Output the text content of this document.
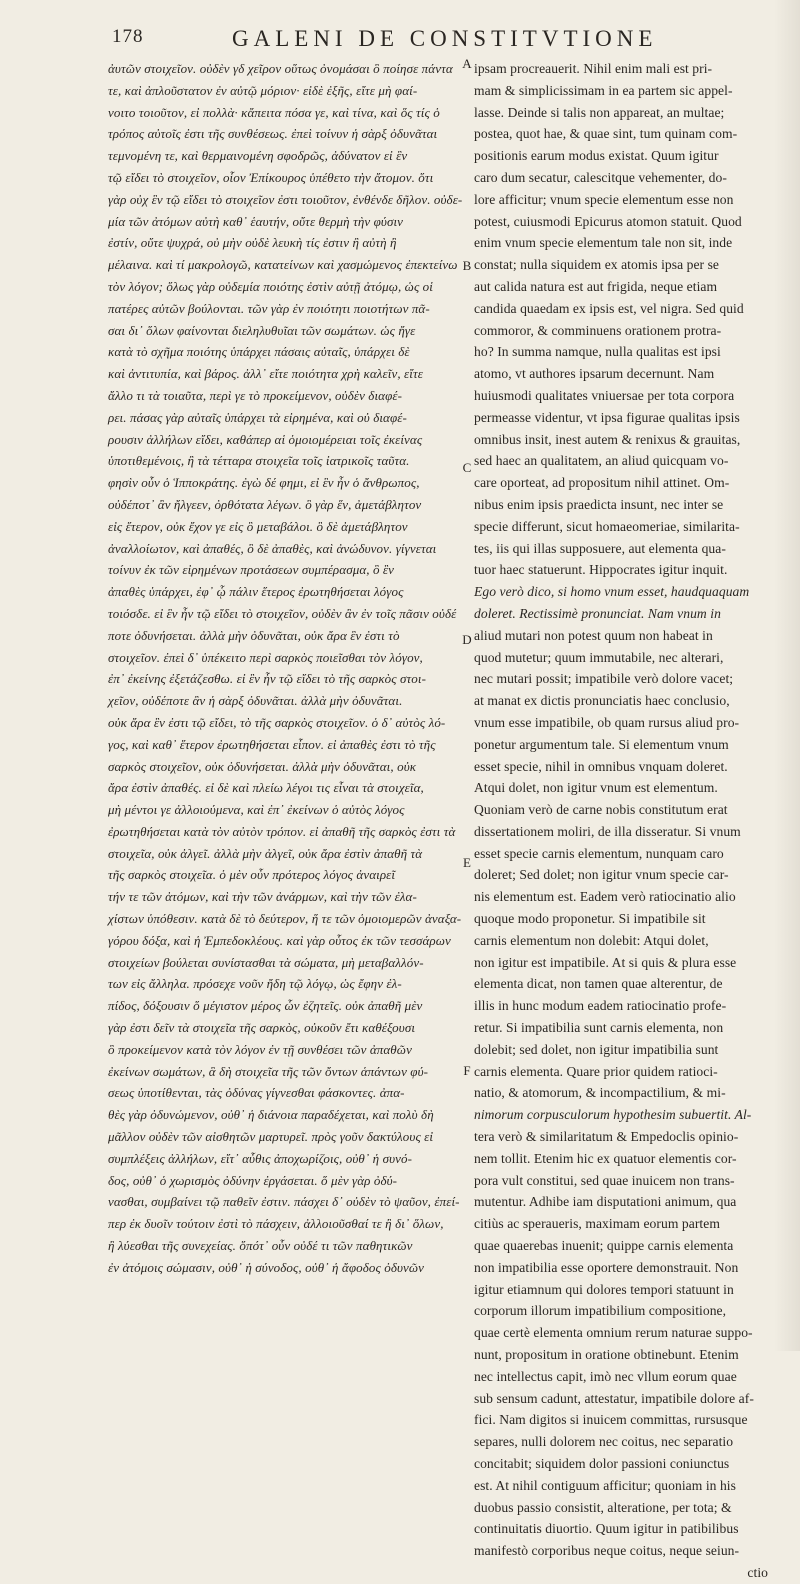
178	GALENI DE CONSTITVTIONE
ἀυτῶν στοιχεῖον. οὐδὲν γδ χεῖρον οὕτως ὀνομάσαι ὃ ποίησε πάντα
τε, καὶ ἀπλοῦστατον ἐν αὐτῷ μόριον· εἰδὲ ἐξῆς, εἴτε μὴ φαί-
νοιτο τοιοῦτον, εἰ πολλὰ· κἄπειτα πόσα γε, καὶ τίνα, καὶ ὅς τίς ὁ
τρόπος αὐτοῖς ἐστι τῆς συνθέσεως. ἐπεὶ τοίνυν ἡ σὰρξ ὀδυνᾶται
τεμνομένη τε, καὶ θερμαινομένη σφοδρῶς, ἀδύνατον εἰ ἓν
τῷ εἴδει τὸ στοιχεῖον, οἷον Ἐπίκουρος ὑπέθετο τὴν ἄτομον. ὅτι
γὰρ οὐχ ἓν τῷ εἴδει τὸ στοιχεῖον ἐστι τοιοῦτον, ἐνθένδε δῆλον. οὐδε-
μία τῶν ἀτόμων αὐτὴ καθ᾽ ἑαυτήν, οὔτε θερμὴ τὴν φύσιν
ἐστίν, οὔτε ψυχρά, οὐ μὴν οὐδὲ λευκὴ τίς ἐστιν ἢ αὐτὴ ἢ
μέλαινα. καὶ τί μακρολογῶ, κατατείνων καὶ χασμώμενος ἐπεκτείνω
τὸν λόγον; ὅλως γὰρ οὐδεμία ποιότης ἐστὶν αὐτῇ ἀτόμῳ, ὡς οἱ
πατέρες αὐτῶν βούλονται. τῶν γὰρ ἐν ποιότητι ποιοτήτων πᾶ-
σαι δι᾽ ὅλων φαίνονται διεληλυθυῖαι τῶν σωμάτων. ὡς ἤγε
κατὰ τὸ σχῆμα ποιότης ὑπάρχει πάσαις αὐταῖς, ὑπάρχει δὲ
καὶ ἀντιτυπία, καὶ βάρος. ἀλλ᾽ εἴτε ποιότητα χρὴ καλεῖν, εἴτε
ἄλλο τι τὰ τοιαῦτα, περὶ γε τὸ προκείμενον, οὐδὲν διαφέ-
ρει. πάσας γὰρ αὐταῖς ὑπάρχει τὰ εἰρημένα, καὶ οὐ διαφέ-
ρουσιν ἀλλήλων εἴδει, καθάπερ αἱ ὁμοιομέρειαι τοῖς ἐκείνας
ὑποτιθεμένοις, ἢ τὰ τέτταρα στοιχεῖα τοῖς ἰατρικοῖς ταῦτα.
φησὶν οὖν ὁ Ἱπποκράτης. ἐγὼ δέ φημι, εἰ ἓν ἦν ὁ ἄνθρωπος,
οὐδέποτ᾽ ἂν ἤλγεεν, ὀρθότατα λέγων. ὃ γὰρ ἕν, ἀμετάβλητον
εἰς ἕτερον, οὐκ ἔχον γε εἰς ὃ μεταβάλοι. ὃ δὲ ἀμετάβλητον
ἀναλλοίωτον, καὶ ἀπαθές, ὃ δὲ ἀπαθὲς, καὶ ἀνώδυνον. γίγνεται
τοίνυν ἐκ τῶν εἰρημένων προτάσεων συμπέρασμα, ὃ ἓν
ἀπαθὲς ὑπάρχει, ἐφ᾽ ᾧ πάλιν ἕτερος ἐρωτηθήσεται λόγος
τοιόσδε. εἰ ἓν ἦν τῷ εἴδει τὸ στοιχεῖον, οὐδὲν ἂν ἐν τοῖς πᾶσιν οὐδέ
ποτε ὀδυνήσεται. ἀλλὰ μὴν ὀδυνᾶται, οὐκ ἄρα ἓν ἐστι τὸ
στοιχεῖον. ἐπεὶ δ᾽ ὑπέκειτο περὶ σαρκὸς ποιεῖσθαι τὸν λόγον,
ἐπ᾽ ἐκείνης ἐξετάζεσθω. εἰ ἓν ἦν τῷ εἴδει τὸ τῆς σαρκὸς στοι-
χεῖον, οὐδέποτε ἂν ἡ σὰρξ ὀδυνᾶται. ἀλλὰ μὴν ὀδυνᾶται.
οὐκ ἄρα ἓν ἐστι τῷ εἴδει, τὸ τῆς σαρκὸς στοιχεῖον. ὁ δ᾽ αὐτὸς λό-
γος, καὶ καθ᾽ ἕτερον ἐρωτηθήσεται εἶπον. εἰ ἀπαθὲς ἐστι τὸ τῆς
σαρκὸς στοιχεῖον, οὐκ ὀδυνήσεται. ἀλλὰ μὴν ὀδυνᾶται, οὐκ
ἄρα ἐστὶν ἀπαθές. εἰ δὲ καὶ πλείω λέγοι τις εἶναι τὰ στοιχεῖα,
μὴ μέντοι γε ἀλλοιούμενα, καὶ ἐπ᾽ ἐκείνων ὁ αὐτὸς λόγος
ἐρωτηθήσεται κατὰ τὸν αὐτὸν τρόπον. εἰ ἀπαθῆ τῆς σαρκὸς ἐστι τὰ
στοιχεῖα, οὐκ ἀλγεῖ. ἀλλὰ μὴν ἀλγεῖ, οὐκ ἄρα ἐστὶν ἀπαθῆ τὰ
τῆς σαρκὸς στοιχεῖα. ὁ μὲν οὖν πρότερος λόγος ἀναιρεῖ
τήν τε τῶν ἀτόμων, καὶ τὴν τῶν ἀνάρμων, καὶ τὴν τῶν ἐλα-
χίστων ὑπόθεσιν. κατὰ δὲ τὸ δεύτερον, ἥ τε τῶν ὁμοιομερῶν ἀναξα-
γόρου δόξα, καὶ ἡ Ἐμπεδοκλέους. καὶ γὰρ οὗτος ἐκ τῶν τεσσάρων
στοιχείων βούλεται συνίστασθαι τὰ σώματα, μὴ μεταβαλλόν-
των εἰς ἄλληλα. πρόσεχε νοῦν ἤδη τῷ λόγῳ, ὡς ἔφην ἐλ-
πίδος, δόξουσιν ὅ μέγιστον μέρος ὧν ἐζητεῖς. οὐκ ἀπαθῆ μὲν
γὰρ ἐστι δεῖν τὰ στοιχεῖα τῆς σαρκὸς, οὐκοῦν ἔτι καθέξουσι
ὃ προκείμενον κατὰ τὸν λόγον ἐν τῇ συνθέσει τῶν ἀπαθῶν
ἐκείνων σωμάτων, ἃ δὴ στοιχεῖα τῆς τῶν ὄντων ἁπάντων φύ-
σεως ὑποτίθενται, τὰς ὀδύνας γίγνεσθαι φάσκοντες. ἀπα-
θὲς γὰρ ὀδυνώμενον, οὐθ᾽ ἡ διάνοια παραδέχεται, καὶ πολὺ δὴ
μᾶλλον οὐδὲν τῶν αἰσθητῶν μαρτυρεῖ. πρὸς γοῦν δακτύλους εἰ
συμπλέξεις ἀλλήλων, εἴτ᾽ αὖθις ἀποχωρίζοις, οὐθ᾽ ἡ συνό-
δος, οὐθ᾽ ὁ χωρισμὸς ὀδύνην ἐργάσεται. ὅ μὲν γὰρ ὀδύ-
νασθαι, συμβαίνει τῷ παθεῖν ἐστιν. πάσχει δ᾽ οὐδὲν τὸ ψαῦον, ἐπεί-
περ ἐκ δυοῖν τούτοιν ἐστὶ τὸ πάσχειν, ἀλλοιοῦσθαί τε ἢ δι᾽ ὅλων,
ἢ λύεσθαι τῆς συνεχείας. ὅπότ᾽ οὖν οὐδέ τι τῶν παθητικῶν
ἐν ἀτόμοις σώμασιν, οὐθ᾽ ἡ σύνοδος, οὐθ᾽ ἡ ἄφοδος ὀδυνῶν
ipsam procreauerit. Nihil enim mali est pri-
mam & simplicissimam in ea partem sic appel-
lasse. Deinde si talis non appareat, an multae;
postea, quot hae, & quae sint, tum quinam com-
positionis earum modus existat. Quum igitur
caro dum secatur, calescitque vehementer, do-
lore afficitur; vnum specie elementum esse non
potest, cuiusmodi Epicurus atomon statuit. Quod
enim vnum specie elementum tale non sit, inde
constat; nulla siquidem ex atomis ipsa per se
aut calida natura est aut frigida, neque etiam
candida quaedam ex ipsis est, vel nigra. Sed quid
commoror, & comminuens orationem protra-
ho? In summa namque, nulla qualitas est ipsi
atomo, vt authores ipsarum decernunt. Nam
huiusmodi qualitates vniuersae per tota corpora
permeasse videntur, vt ipsa figurae qualitas ipsis
omnibus insit, inest autem & renixus & grauitas,
sed haec an qualitatem, an aliud quicquam vo-
care oporteat, ad propositum nihil attinet. Om-
nibus enim ipsis praedicta insunt, nec inter se
specie differunt, sicut homaeomeriae, similarita-
tes, iis qui illas supposuere, aut elementa qua-
tuor haec statuerunt. Hippocrates igitur inquit.
Ego verò dico, si homo vnum esset, haudquaquam
doleret. Rectissimè pronunciat. Nam vnum in
aliud mutari non potest quum non habeat in
quod mutetur; quum immutabile, nec alterari,
nec mutari possit; impatibile verò dolore vacet;
at manat ex dictis pronunciatis haec conclusio,
vnum esse impatibile, ob quam rursus aliud pro-
ponetur argumentum tale. Si elementum vnum
esset specie, nihil in omnibus vnquam doleret.
Atqui dolet, non igitur vnum est elementum.
Quoniam verò de carne nobis constitutum erat
dissertationem moliri, de illa disseratur. Si vnum
esset specie carnis elementum, nunquam caro
doleret; Sed dolet; non igitur vnum specie car-
nis elementum est. Eadem verò ratiocinatio alio
quoque modo proponetur. Si impatibile sit
carnis elementum non dolebit: Atqui dolet,
non igitur est impatibile. At si quis & plura esse
elementa dicat, non tamen quae alterentur, de
illis in hunc modum eadem ratiocinatio profe-
retur. Si impatibilia sunt carnis elementa, non
dolebit; sed dolet, non igitur impatibilia sunt
carnis elementa. Quare prior quidem ratioci-
natio, & atomorum, & incompactilium, & mi-
nimorum corpusculorum hypothesim subuertit. Al-
tera verò & similaritatum & Empedoclis opinio-
nem tollit. Etenim hic ex quatuor elementis cor-
pora vult constitui, sed quae inuicem non trans-
mutentur. Adhibe iam disputationi animum, qua
citiùs ac speraueris, maximam eorum partem
quae quaerebas inuenit; quippe carnis elementa
non impatibilia esse oportere demonstrauit. Non
igitur etiamnum qui dolores tempori statuunt in
corporum illorum impatibilium compositione,
quae certè elementa omnium rerum naturae suppo-
nunt, propositum in oratione obtinebunt. Etenim
nec intellectus capit, imò nec vllum eorum quae
sub sensum cadunt, attestatur, impatibile dolore af-
fici. Nam digitos si inuicem committas, rursusque
separes, nulli dolorem nec coitus, nec separatio
concitabit; siquidem dolor passioni coniunctus
est. At nihil contiguum afficitur; quoniam in his
duobus passio consistit, alteratione, per tota; &
continuitatis diuortio. Quum igitur in patibilibus
manifestò corporibus neque coitus, neque seiun-
ctio
A
B
C
D
E
F
